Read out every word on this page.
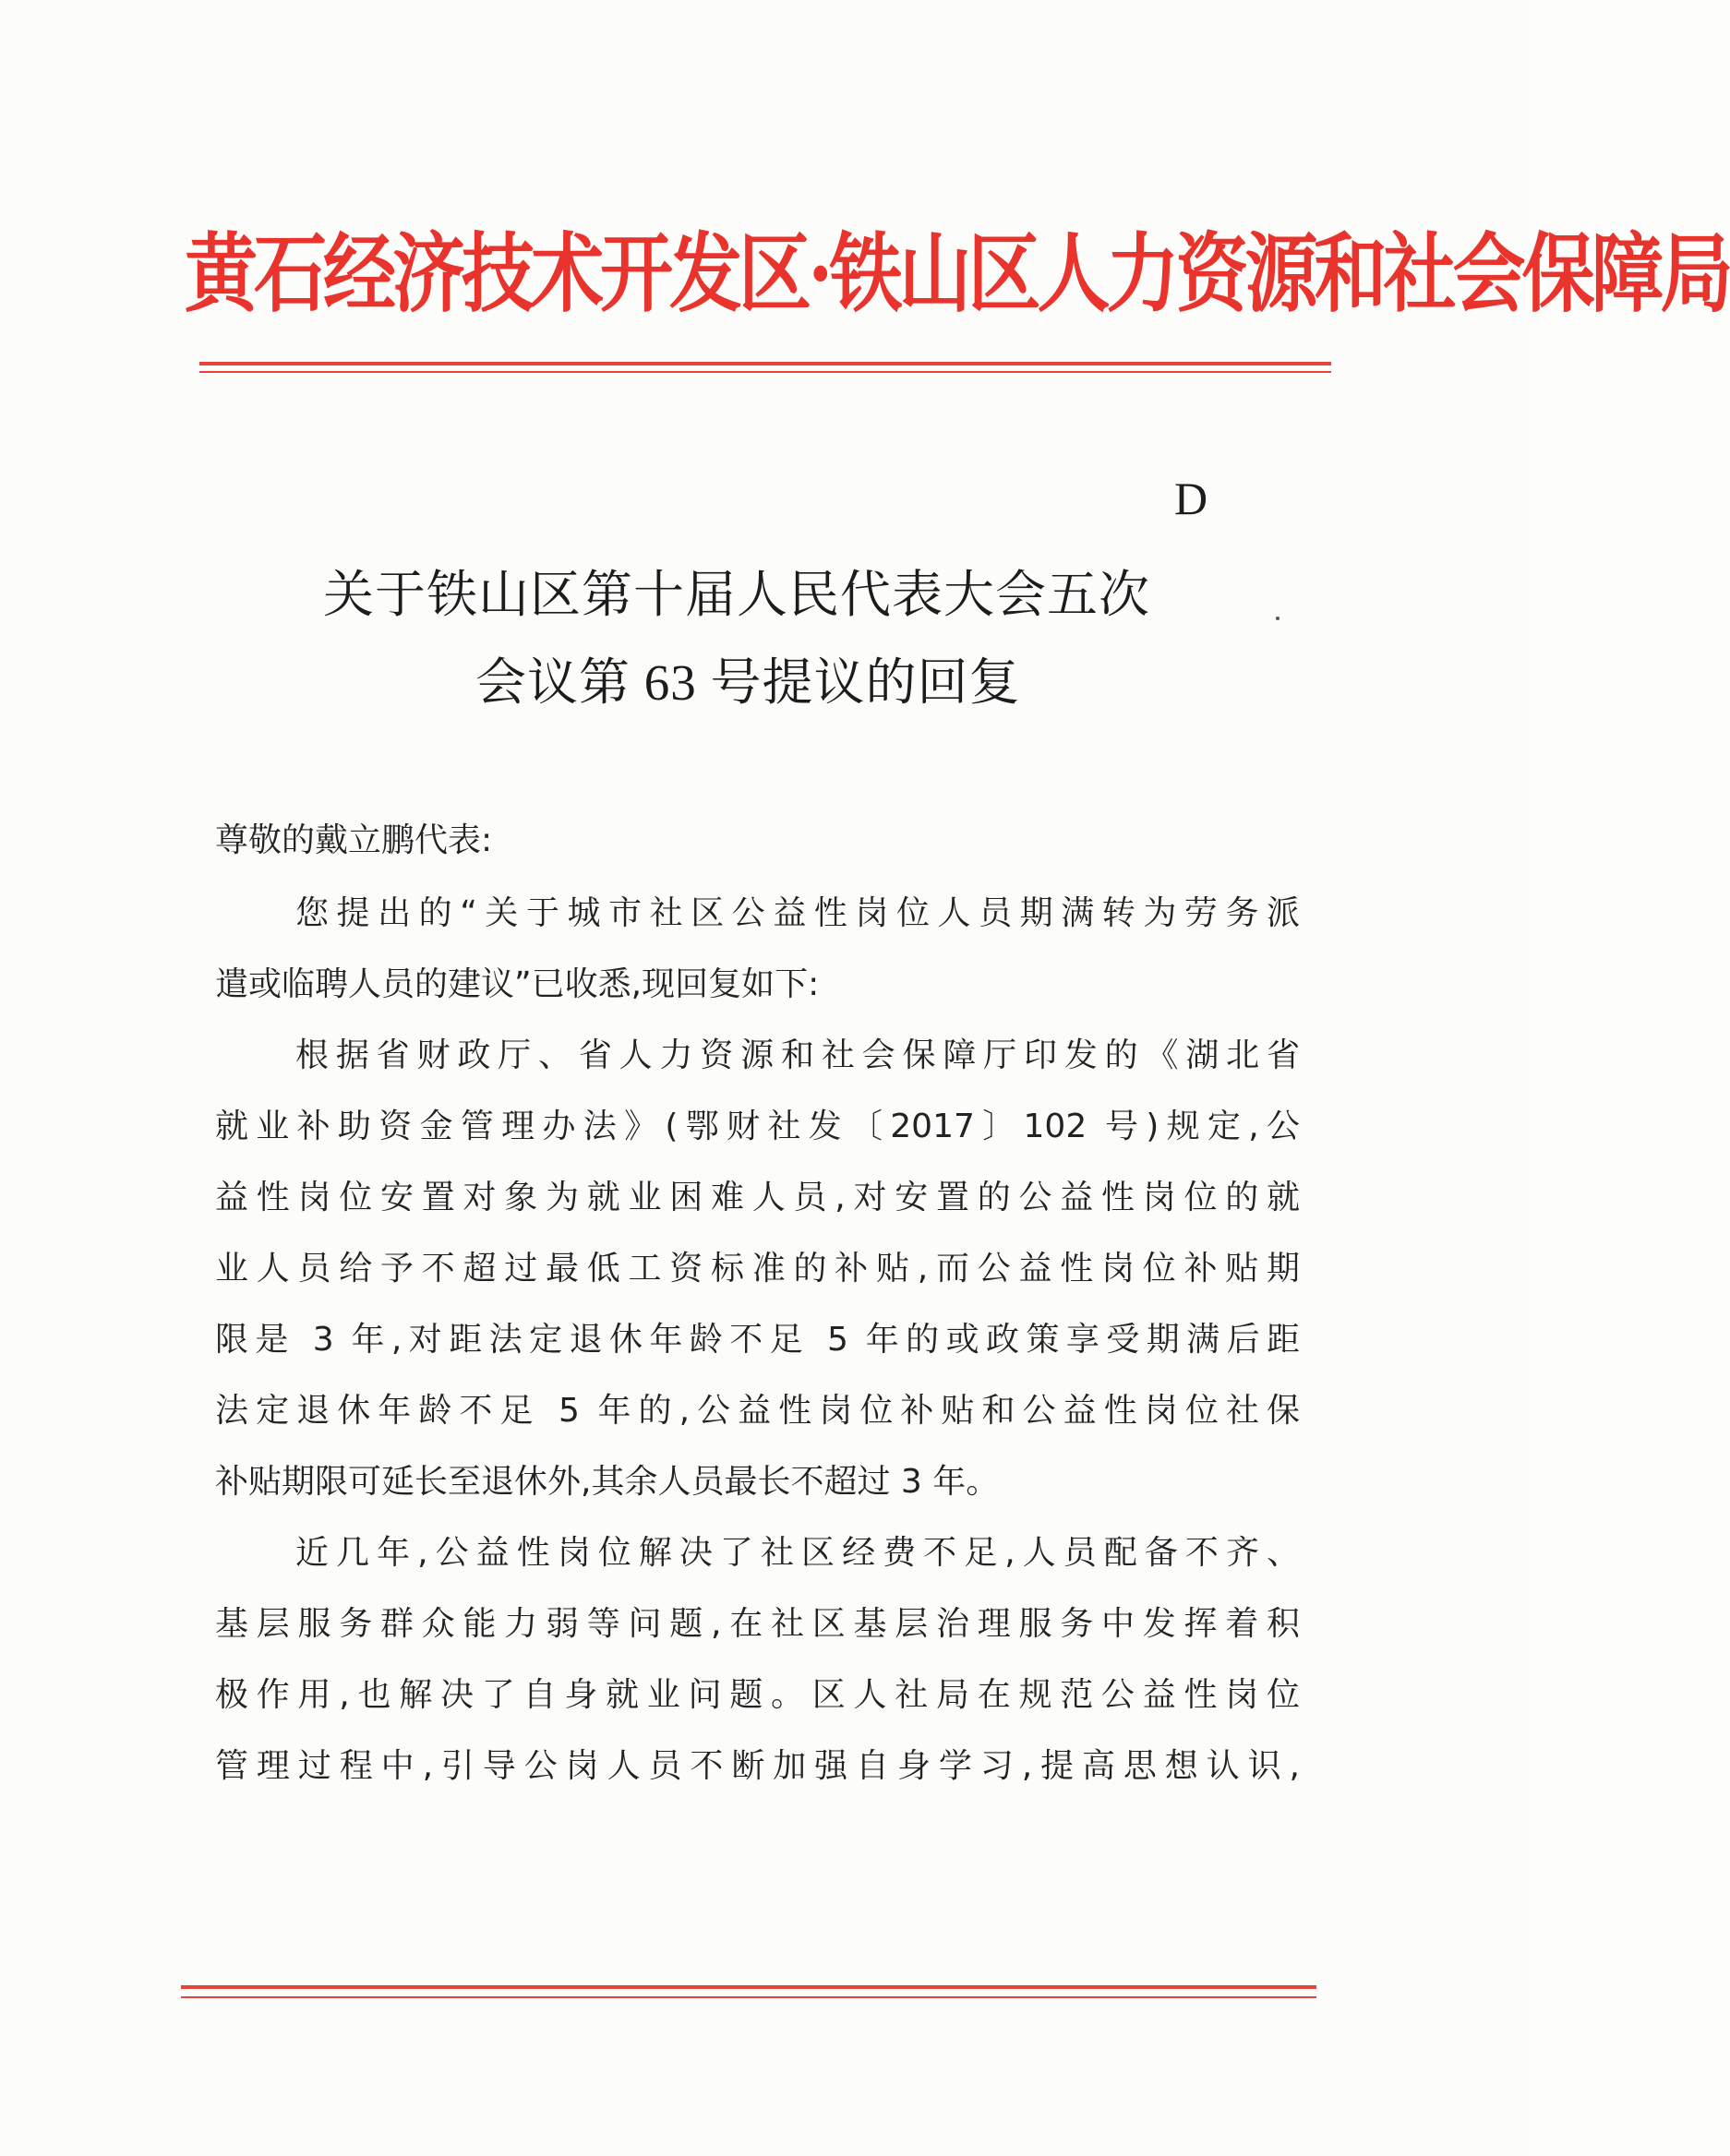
黄石经济技术开发区·铁山区人力资源和社会保障局
D
关于铁山区第十届人民代表大会五次
会议第 63 号提议的回复
尊敬的戴立鹏代表:
您提出的“关于城市社区公益性岗位人员期满转为劳务派
遣或临聘人员的建议”已收悉,现回复如下:
根据省财政厅、省人力资源和社会保障厅印发的《湖北省
就业补助资金管理办法》(鄂财社发〔2017〕102 号)规定,公
益性岗位安置对象为就业困难人员,对安置的公益性岗位的就
业人员给予不超过最低工资标准的补贴,而公益性岗位补贴期
限是 3 年,对距法定退休年龄不足 5 年的或政策享受期满后距
法定退休年龄不足 5 年的,公益性岗位补贴和公益性岗位社保
补贴期限可延长至退休外,其余人员最长不超过 3 年。
近几年,公益性岗位解决了社区经费不足,人员配备不齐、
基层服务群众能力弱等问题,在社区基层治理服务中发挥着积
极作用,也解决了自身就业问题。区人社局在规范公益性岗位
管理过程中,引导公岗人员不断加强自身学习,提高思想认识,
